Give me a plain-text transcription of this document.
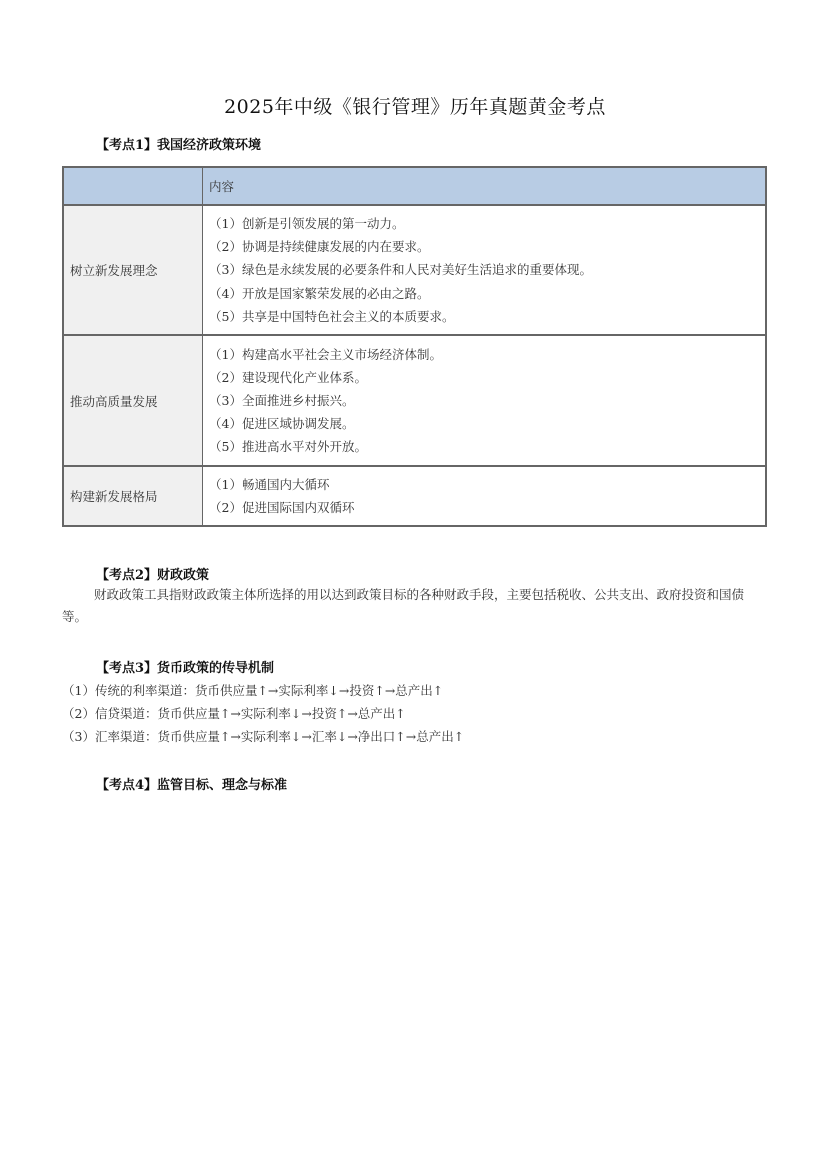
2025年中级《银行管理》历年真题黄金考点
【考点1】我国经济政策环境
	内容
树立新发展理念	（1）创新是引领发展的第一动力。
（2）协调是持续健康发展的内在要求。
（3）绿色是永续发展的必要条件和人民对美好生活追求的重要体现。
（4）开放是国家繁荣发展的必由之路。
（5）共享是中国特色社会主义的本质要求。

推动高质量发展	（1）构建高水平社会主义市场经济体制。
（2）建设现代化产业体系。
（3）全面推进乡村振兴。
（4）促进区域协调发展。
（5）推进高水平对外开放。

构建新发展格局	（1）畅通国内大循环
（2）促进国际国内双循环
【考点2】财政政策
财政政策工具指财政政策主体所选择的用以达到政策目标的各种财政手段，主要包括税收、公共支出、政府投资和国债等。
【考点3】货币政策的传导机制
（1）传统的利率渠道：货币供应量↑→实际利率↓→投资↑→总产出↑
（2）信贷渠道：货币供应量↑→实际利率↓→投资↑→总产出↑
（3）汇率渠道：货币供应量↑→实际利率↓→汇率↓→净出口↑→总产出↑
【考点4】监管目标、理念与标准
